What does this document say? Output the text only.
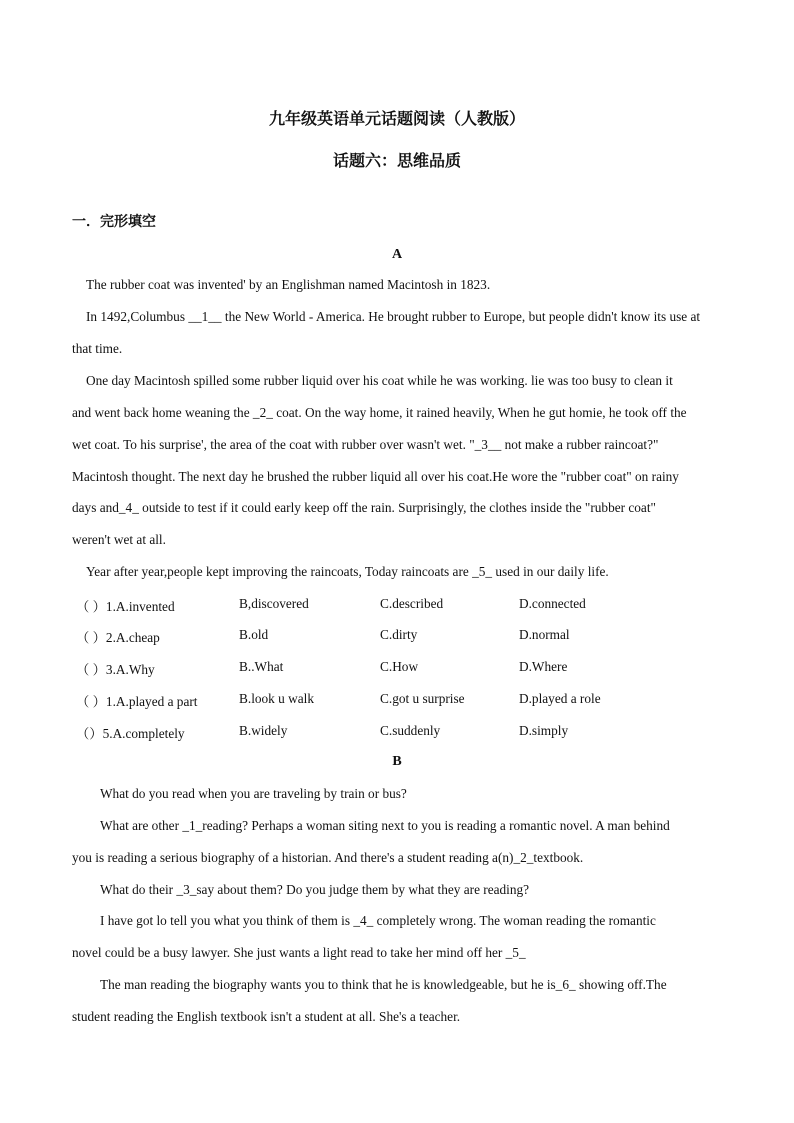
九年级英语单元话题阅读（人教版）
话题六：思维品质
一．完形填空
A
The rubber coat was invented' by an Englishman named Macintosh in 1823.
In 1492,Columbus __1__ the New World - America. He brought rubber to Europe, but people didn't know its use at
that time.
One day Macintosh spilled some rubber liquid over his coat while he was working. lie was too busy to clean it
and went back home weaning the _2_ coat. On the way home, it rained heavily, When he gut homie, he took off the
wet coat. To his surprise', the area of the coat with rubber over wasn't wet. "_3__ not make a rubber raincoat?"
Macintosh thought. The next day he brushed the rubber liquid all over his coat.He wore the "rubber coat" on rainy
days and_4_ outside to test if it could early keep off the rain. Surprisingly, the clothes inside the "rubber coat"
weren't wet at all.
Year after year,people kept improving the raincoats, Today raincoats are _5_ used in our daily life.
（ ）1.A.invented	B,discovered	C.described	D.connected
（ ）2.A.cheap	B.old	C.dirty	D.normal
（ ）3.A.Why	B..What	C.How	D.Where
（ ）1.A.played a part	B.look u walk	C.got u surprise	D.played a role
（）5.A.completely	B.widely	C.suddenly	D.simply
B
What do you read when you are traveling by train or bus?
What are other _1_reading? Perhaps a woman siting next to you is reading a romantic novel. A man behind
you is reading a serious biography of a historian. And there's a student reading a(n)_2_textbook.
What do their _3_say about them? Do you judge them by what they are reading?
I have got lo tell you what you think of them is _4_ completely wrong. The woman reading the romantic
novel could be a busy lawyer. She just wants a light read to take her mind off her _5_
The man reading the biography wants you to think that he is knowledgeable, but he is_6_ showing off.The
student reading the English textbook isn't a student at all. She's a teacher.
